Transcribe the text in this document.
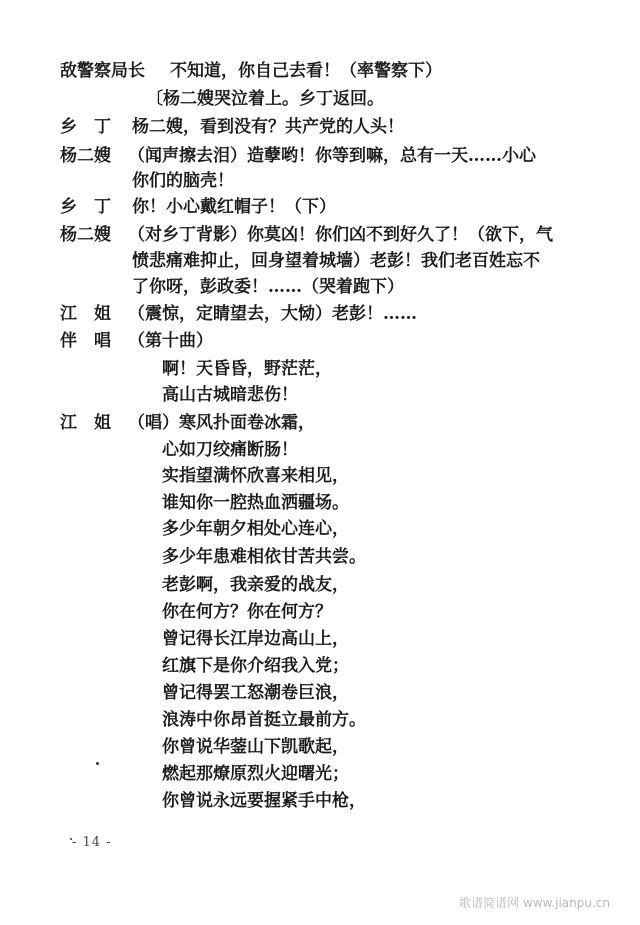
敌警察局长 不知道，你自己去看！（率警察下）
〔杨二嫂哭泣着上。乡丁返回。
乡　丁 杨二嫂，看到没有？共产党的人头！
杨二嫂 （闻声擦去泪）造孽哟！你等到嘛，总有一天……小心
你们的脑壳！
乡　丁 你！小心戴红帽子！（下）
杨二嫂 （对乡丁背影）你莫凶！你们凶不到好久了！（欲下，气
愤悲痛难抑止，回身望着城墙）老彭！我们老百姓忘不
了你呀，彭政委！……（哭着跑下）
江　姐 （震惊，定睛望去，大恸）老彭！……
伴　唱 （第十曲）
啊！天昏昏，野茫茫，
高山古城暗悲伤！
江　姐 （唱）寒风扑面卷冰霜，
心如刀绞痛断肠！
实指望满怀欣喜来相见，
谁知你一腔热血洒疆场。
多少年朝夕相处心连心，
多少年患难相依甘苦共尝。
老彭啊，我亲爱的战友，
你在何方？你在何方？
曾记得长江岸边高山上，
红旗下是你介绍我入党；
曾记得罢工怒潮卷巨浪，
浪涛中你昂首挺立最前方。
你曾说华蓥山下凯歌起，
燃起那燎原烈火迎曙光；
你曾说永远要握紧手中枪，
- 14 -
歌谱简谱网 www.jianpu.cn
